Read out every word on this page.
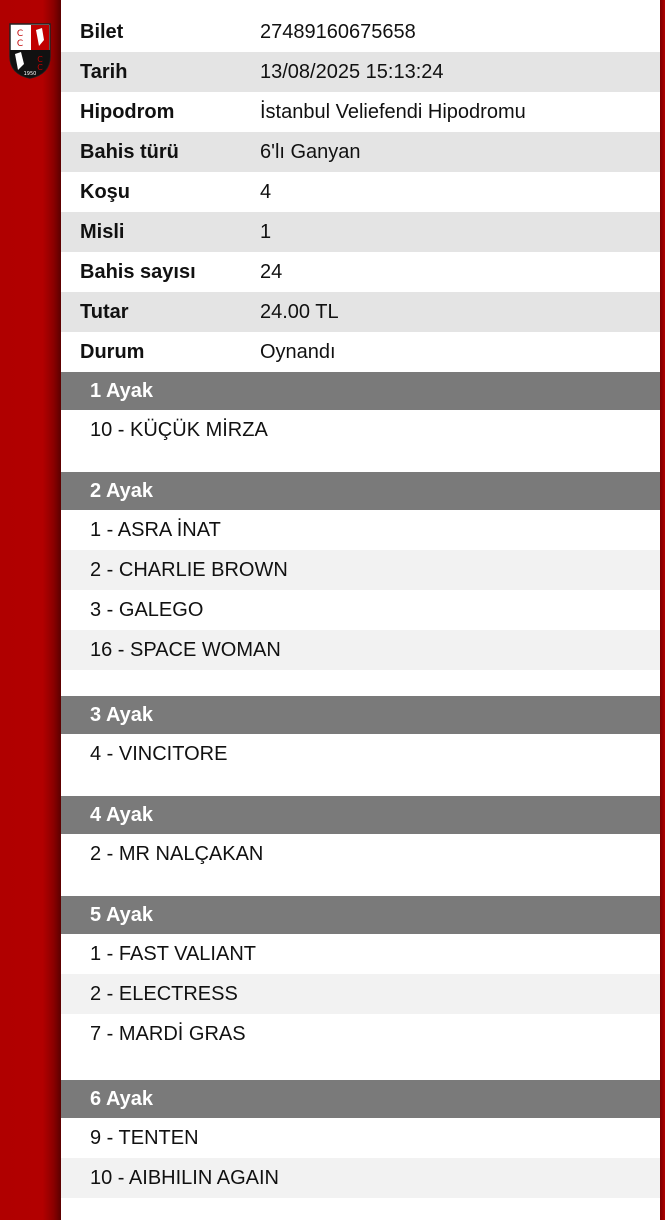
C
C
C
C
1950
Bilet	27489160675658
Tarih	13/08/2025 15:13:24
Hipodrom	İstanbul Veliefendi Hipodromu
Bahis türü	6'lı Ganyan
Koşu	4
Misli	1
Bahis sayısı	24
Tutar	24.00 TL
Durum	Oynandı
1 Ayak
10 - KÜÇÜK MİRZA
2 Ayak
1 - ASRA İNAT
2 - CHARLIE BROWN
3 - GALEGO
16 - SPACE WOMAN
3 Ayak
4 - VINCITORE
4 Ayak
2 - MR NALÇAKAN
5 Ayak
1 - FAST VALIANT
2 - ELECTRESS
7 - MARDİ GRAS
6 Ayak
9 - TENTEN
10 - AIBHILIN AGAIN
